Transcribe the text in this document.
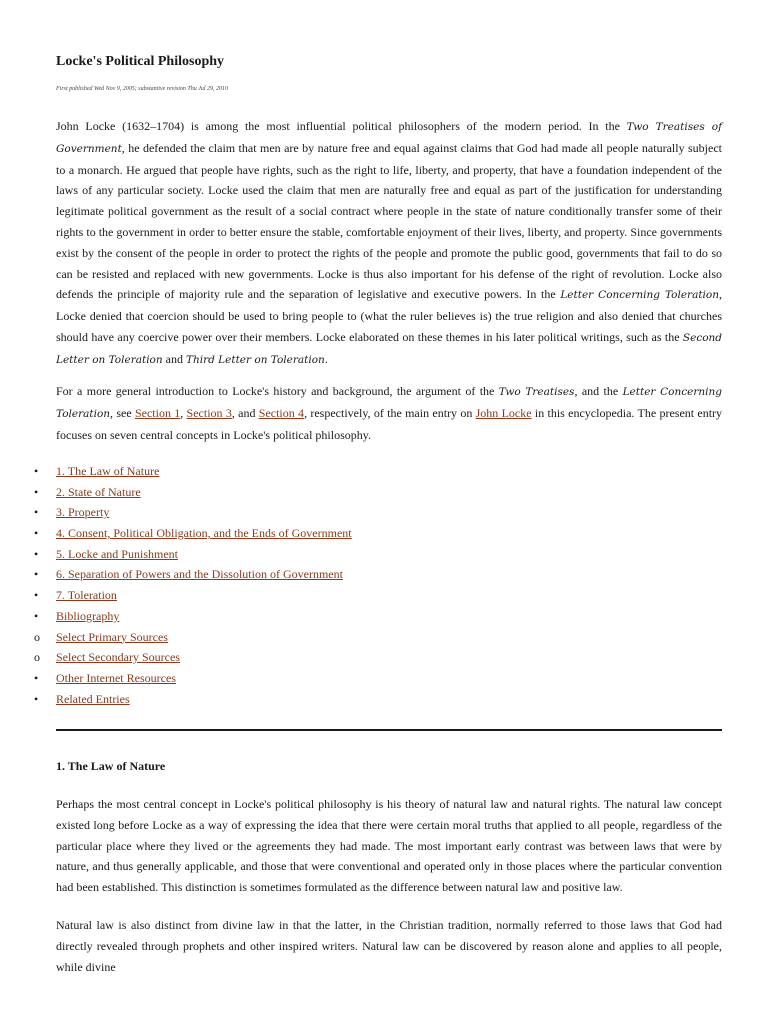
Locke's Political Philosophy
First published Wed Nov 9, 2005; substantive revision Thu Jul 29, 2010

John Locke (1632–1704) is among the most influential political philosophers of the modern period. In the Two Treatises of Government, he defended the claim that men are by nature free and equal against claims that God had made all people naturally subject to a monarch. He argued that people have rights, such as the right to life, liberty, and property, that have a foundation independent of the laws of any particular society. Locke used the claim that men are naturally free and equal as part of the justification for understanding legitimate political government as the result of a social contract where people in the state of nature conditionally transfer some of their rights to the government in order to better ensure the stable, comfortable enjoyment of their lives, liberty, and property. Since governments exist by the consent of the people in order to protect the rights of the people and promote the public good, governments that fail to do so can be resisted and replaced with new governments. Locke is thus also important for his defense of the right of revolution. Locke also defends the principle of majority rule and the separation of legislative and executive powers. In the Letter Concerning Toleration, Locke denied that coercion should be used to bring people to (what the ruler believes is) the true religion and also denied that churches should have any coercive power over their members. Locke elaborated on these themes in his later political writings, such as the Second Letter on Toleration and Third Letter on Toleration.

For a more general introduction to Locke's history and background, the argument of the Two Treatises, and the Letter Concerning Toleration, see Section 1, Section 3, and Section 4, respectively, of the main entry on John Locke in this encyclopedia. The present entry focuses on seven central concepts in Locke's political philosophy.

•	1. The Law of Nature
•	2. State of Nature
•	3. Property
•	4. Consent, Political Obligation, and the Ends of Government
•	5. Locke and Punishment
•	6. Separation of Powers and the Dissolution of Government
•	7. Toleration
•	Bibliography
o	Select Primary Sources
o	Select Secondary Sources
•	Other Internet Resources
•	Related Entries
1. The Law of Nature

Perhaps the most central concept in Locke's political philosophy is his theory of natural law and natural rights. The natural law concept existed long before Locke as a way of expressing the idea that there were certain moral truths that applied to all people, regardless of the particular place where they lived or the agreements they had made. The most important early contrast was between laws that were by nature, and thus generally applicable, and those that were conventional and operated only in those places where the particular convention had been established. This distinction is sometimes formulated as the difference between natural law and positive law.

Natural law is also distinct from divine law in that the latter, in the Christian tradition, normally referred to those laws that God had directly revealed through prophets and other inspired writers. Natural law can be discovered by reason alone and applies to all people, while divine
